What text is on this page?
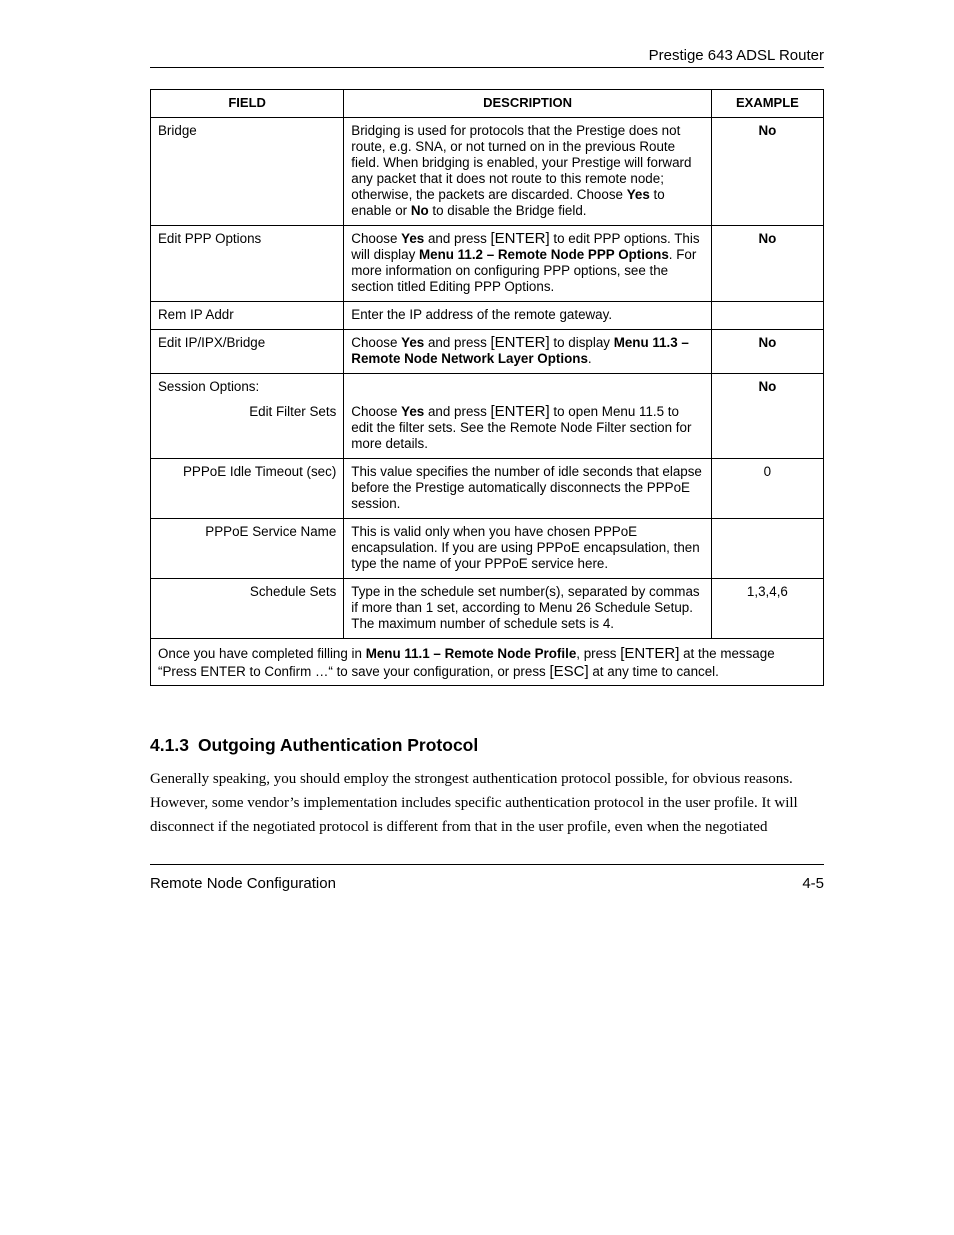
Prestige 643 ADSL Router
FIELD	DESCRIPTION	EXAMPLE
Bridge	Bridging is used for protocols that the Prestige does not route, e.g. SNA, or not turned on in the previous Route field. When bridging is enabled, your Prestige will forward any packet that it does not route to this remote node; otherwise, the packets are discarded. Choose Yes to enable or No to disable the Bridge field.	No
Edit PPP Options	Choose Yes and press [ENTER] to edit PPP options. This will display Menu 11.2 – Remote Node PPP Options. For more information on configuring PPP options, see the section titled Editing PPP Options.	No
Rem IP Addr	Enter the IP address of the remote gateway.	
Edit IP/IPX/Bridge	Choose Yes and press [ENTER] to display Menu 11.3 – Remote Node Network Layer Options.	No

Session Options:
Edit Filter Sets	Choose Yes and press [ENTER] to open Menu 11.5 to edit the filter sets. See the Remote Node Filter section for more details.	No
PPPoE Idle Timeout (sec)	This value specifies the number of idle seconds that elapse before the Prestige automatically disconnects the PPPoE session.	0
PPPoE Service Name	This is valid only when you have chosen PPPoE encapsulation. If you are using PPPoE encapsulation, then type the name of your PPPoE service here.	
Schedule Sets	Type in the schedule set number(s), separated by commas if more than 1 set, according to Menu 26 Schedule Setup. The maximum number of schedule sets is 4.	1,3,4,6
Once you have completed filling in Menu 11.1 – Remote Node Profile, press [ENTER] at the message “Press ENTER to Confirm …“ to save your configuration, or press [ESC] at any time to cancel.		
4.1.3 Outgoing Authentication Protocol

Generally speaking, you should employ the strongest authentication protocol possible, for obvious reasons. However, some vendor’s implementation includes specific authentication protocol in the user profile. It will disconnect if the negotiated protocol is different from that in the user profile, even when the negotiated

Remote Node Configuration	4-5
